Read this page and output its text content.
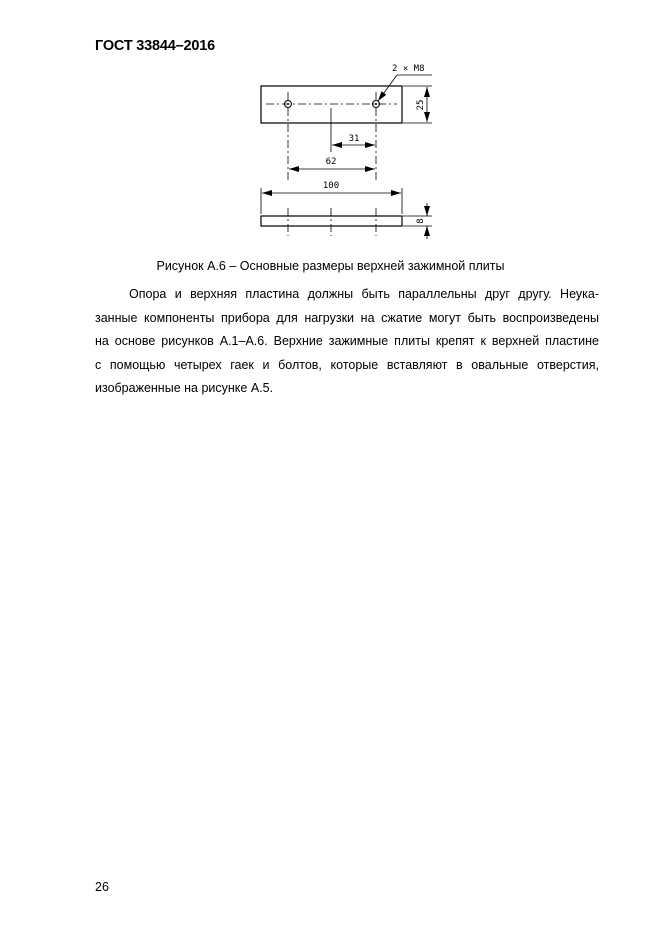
ГОСТ 33844–2016
2 × M8
25
31
62
100
8
Рисунок А.6 – Основные размеры верхней зажимной плиты
Опора и верхняя пластина должны быть параллельны друг другу. Неука-
занные компоненты прибора для нагрузки на сжатие могут быть воспроизведены
на основе рисунков А.1–А.6. Верхние зажимные плиты крепят к верхней пластине
с помощью четырех гаек и болтов, которые вставляют в овальные отверстия,
изображенные на рисунке А.5.
26
